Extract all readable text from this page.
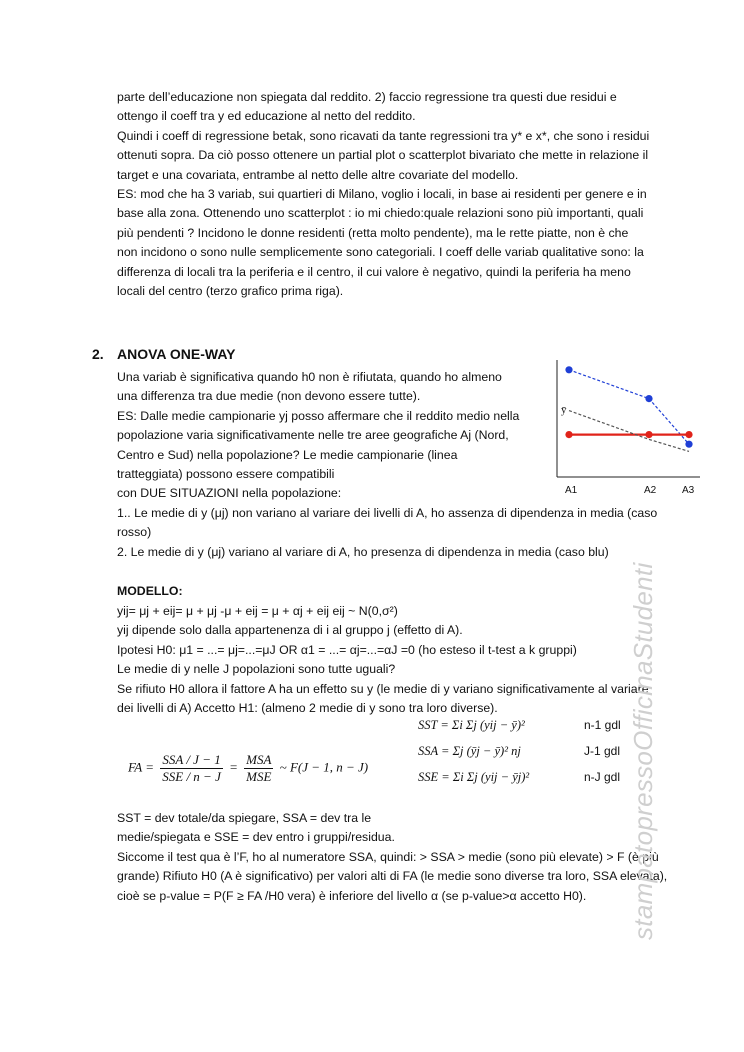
parte dell’educazione non spiegata dal reddito. 2) faccio regressione tra questi due residui e
ottengo il coeff tra y ed educazione al netto del reddito.
Quindi i coeff di regressione betak, sono ricavati da tante regressioni tra y* e x*, che sono i residui
ottenuti sopra. Da ciò posso ottenere un partial plot o scatterplot bivariato che mette in relazione il
target e una covariata, entrambe al netto delle altre covariate del modello.
ES: mod che ha 3 variab, sui quartieri di Milano, voglio i locali, in base ai residenti per genere e in
base alla zona. Ottenendo uno scatterplot : io mi chiedo:quale relazioni sono più importanti, quali
più pendenti ? Incidono le donne residenti (retta molto pendente), ma le rette piatte, non è che
non incidono o sono nulle semplicemente sono categoriali. I coeff delle variab qualitative sono: la
differenza di locali tra la periferia e il centro, il cui valore è negativo, quindi la periferia ha meno
locali del centro (terzo grafico prima riga).
2. ANOVA ONE-WAY
Una variab è significativa quando h0 non è rifiutata, quando ho almeno
una differenza tra due medie (non devono essere tutte).
ES: Dalle medie campionarie yj posso affermare che il reddito medio nella
popolazione varia significativamente nelle tre aree geografiche Aj (Nord,
Centro e Sud) nella popolazione? Le medie campionarie (linea
tratteggiata) possono essere compatibili
con DUE SITUAZIONI nella popolazione:
ȳ
A1	A2	A3
1.. Le medie di y (μj) non variano al variare dei livelli di A, ho assenza di dipendenza in media (caso
rosso)
2. Le medie di y (μj) variano al variare di A, ho presenza di dipendenza in media (caso blu)
MODELLO:
yij= μj + eij= μ + μj -μ + eij = μ + αj + eij eij ~ N(0,σ²)
yij dipende solo dalla appartenenza di i al gruppo j (effetto di A).
Ipotesi H0: μ1 = ...= μj=...=μJ OR α1 = ...= αj=...=αJ =0 (ho esteso il t-test a k gruppi)
Le medie di y nelle J popolazioni sono tutte uguali?
Se rifiuto H0 allora il fattore A ha un effetto su y (le medie di y variano significativamente al variare
dei livelli di A) Accetto H1: (almeno 2 medie di y sono tra loro diverse).
SST = Σi Σj (yij − ȳ)²	n-1 gdl
SSA = Σj (ȳj − ȳ)² nj	J-1 gdl
SSE = Σi Σj (yij − ȳj)²	n-J gdl
FA = $\frac{\text{SSA / J − 1}}{\text{SSE / n − J}} = \frac{\text{MSA}}{\text{MSE}}$ ~ F(J − 1, n − J)
SST = dev totale/da spiegare, SSA = dev tra le
medie/spiegata e SSE = dev entro i gruppi/residua.
Siccome il test qua è l’F, ho al numeratore SSA, quindi: > SSA > medie (sono più elevate) > F (è più
grande) Rifiuto H0 (A è significativo) per valori alti di FA (le medie sono diverse tra loro, SSA elevata),
cioè se p-value = P(F ≥ FA /H0 vera) è inferiore del livello α (se p-value>α accetto H0).	stampatopressoOfficinaStudenti
